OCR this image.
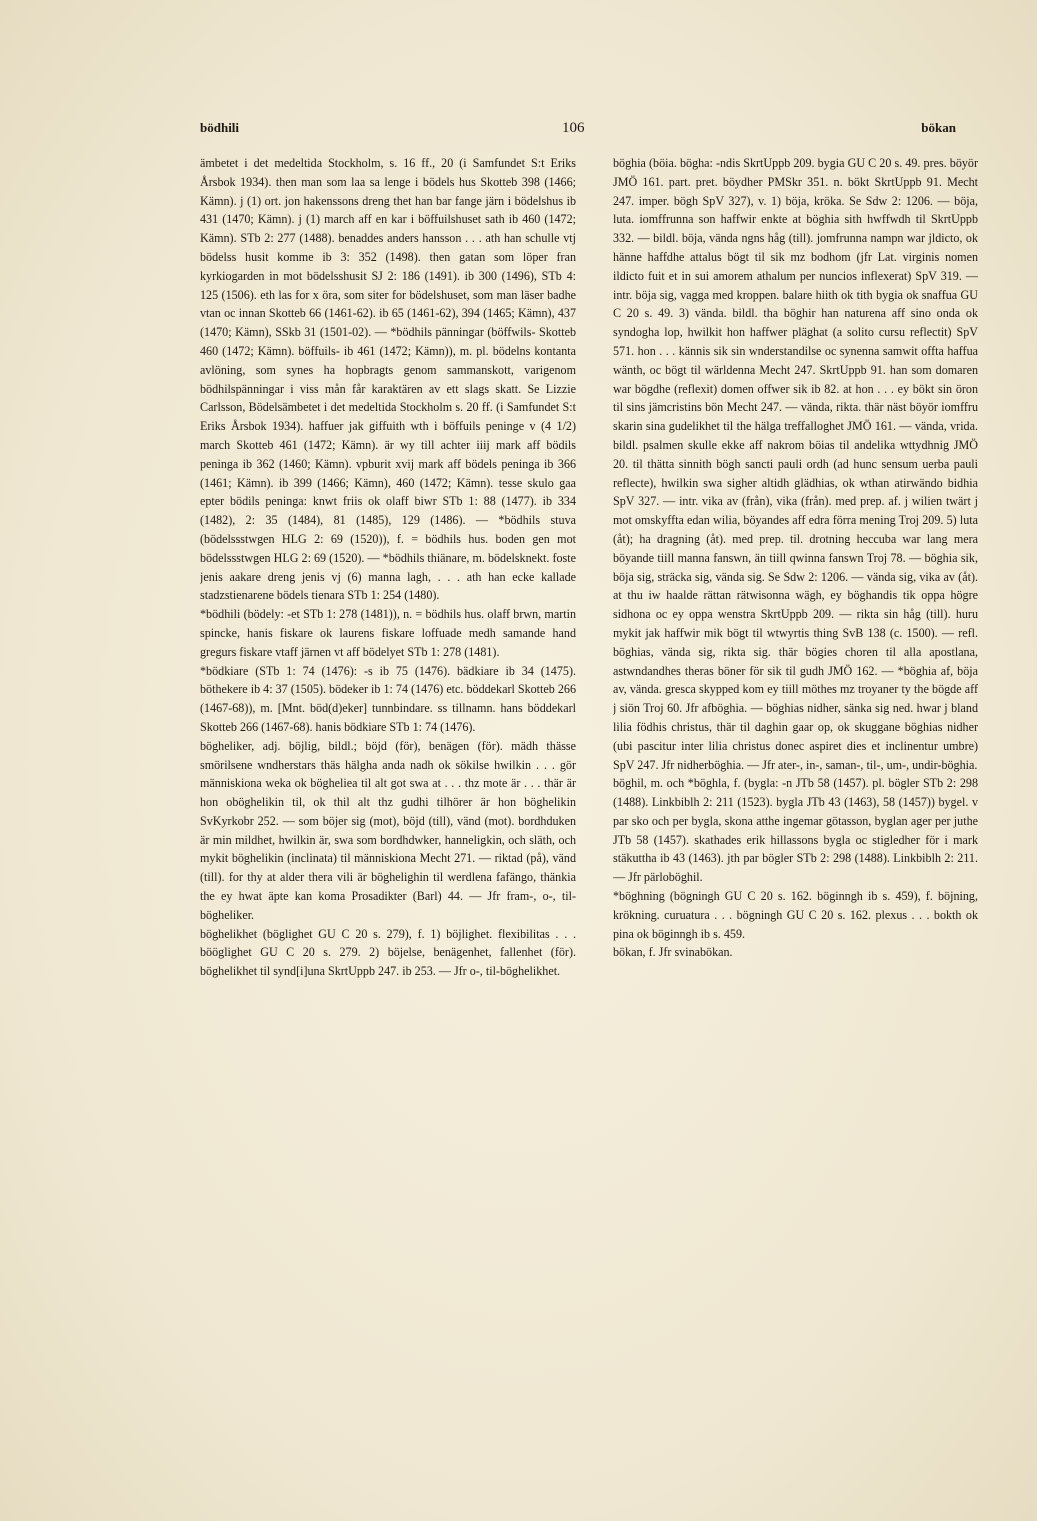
bödhili	106	bökan

ämbetet i det medeltida Stockholm, s. 16 ff., 20 (i Samfundet S:t Eriks Årsbok 1934). then man som laa sa lenge i bödels hus Skotteb 398 (1466; Kämn). j (1) ort. jon hakenssons dreng thet han bar fange järn i bödelshus ib 431 (1470; Kämn). j (1) march aff en kar i böffuilshuset sath ib 460 (1472; Kämn). STb 2: 277 (1488). benaddes anders hansson . . . ath han schulle vtj bödelss husit komme ib 3: 352 (1498). then gatan som löper fran kyrkiogarden in mot bödelsshusit SJ 2: 186 (1491). ib 300 (1496), STb 4: 125 (1506). eth las for x öra, som siter for bödelshuset, som man läser badhe vtan oc innan Skotteb 66 (1461-62). ib 65 (1461-62), 394 (1465; Kämn), 437 (1470; Kämn), SSkb 31 (1501-02). — *bödhils pänningar (böffwils- Skotteb 460 (1472; Kämn). böffuils- ib 461 (1472; Kämn)), m. pl. bödelns kontanta avlöning, som synes ha hopbragts genom sammanskott, varigenom bödhilspänningar i viss mån får karaktären av ett slags skatt. Se Lizzie Carlsson, Bödelsämbetet i det medeltida Stockholm s. 20 ff. (i Samfundet S:t Eriks Årsbok 1934). haffuer jak giffuith wth i böffuils peninge v (4 1/2) march Skotteb 461 (1472; Kämn). är wy till achter iiij mark aff bödils peninga ib 362 (1460; Kämn). vpburit xvij mark aff bödels peninga ib 366 (1461; Kämn). ib 399 (1466; Kämn), 460 (1472; Kämn). tesse skulo gaa epter bödils peninga: knwt friis ok olaff biwr STb 1: 88 (1477). ib 334 (1482), 2: 35 (1484), 81 (1485), 129 (1486). — *bödhils stuva (bödelssstwgen HLG 2: 69 (1520)), f. = bödhils hus. boden gen mot bödelssstwgen HLG 2: 69 (1520). — *bödhils thiänare, m. bödelsknekt. foste jenis aakare dreng jenis vj (6) manna lagh, . . . ath han ecke kallade stadzstienarene bödels tienara STb 1: 254 (1480).

*bödhili (bödely: -et STb 1: 278 (1481)), n. = bödhils hus. olaff brwn, martin spincke, hanis fiskare ok laurens fiskare loffuade medh samande hand gregurs fiskare vtaff järnen vt aff bödelyet STb 1: 278 (1481).

*bödkiare (STb 1: 74 (1476): -s ib 75 (1476). bädkiare ib 34 (1475). böthekere ib 4: 37 (1505). bödeker ib 1: 74 (1476) etc. böddekarl Skotteb 266 (1467-68)), m. [Mnt. böd(d)eker] tunnbindare. ss tillnamn. hans böddekarl Skotteb 266 (1467-68). hanis bödkiare STb 1: 74 (1476).

bögheliker, adj. böjlig, bildl.; böjd (för), benägen (för). mädh thässe smörilsene wndherstars thäs hälgha anda nadh ok sökilse hwilkin . . . gör människiona weka ok bögheliea til alt got swa at . . . thz mote är . . . thär är hon oböghelikin til, ok thil alt thz gudhi tilhörer är hon böghelikin SvKyrkobr 252. — som böjer sig (mot), böjd (till), vänd (mot). bordhduken är min mildhet, hwilkin är, swa som bordhdwker, hanneligkin, och släth, och mykit böghelikin (inclinata) til människiona Mecht 271. — riktad (på), vänd (till). for thy at alder thera vili är böghelighin til werdlena fafängo, thänkia the ey hwat äpte kan koma Prosadikter (Barl) 44. — Jfr fram-, o-, til-bögheliker.

böghelikhet (böglighet GU C 20 s. 279), f. 1) böjlighet. flexibilitas . . . bööglighet GU C 20 s. 279. 2) böjelse, benägenhet, fallenhet (för). böghelikhet til synd[i]una SkrtUppb 247. ib 253. — Jfr o-, til-böghelikhet.

böghia (böia. bögha: -ndis SkrtUppb 209. bygia GU C 20 s. 49. pres. böyör JMÖ 161. part. pret. böydher PMSkr 351. n. bökt SkrtUppb 91. Mecht 247. imper. bögh SpV 327), v. 1) böja, kröka. Se Sdw 2: 1206. — böja, luta. iomffrunna son haffwir enkte at böghia sith hwffwdh til SkrtUppb 332. — bildl. böja, vända ngns håg (till). jomfrunna nampn war jldicto, ok hänne haffdhe attalus bögt til sik mz bodhom (jfr Lat. virginis nomen ildicto fuit et in sui amorem athalum per nuncios inflexerat) SpV 319. — intr. böja sig, vagga med kroppen. balare hiith ok tith bygia ok snaffua GU C 20 s. 49. 3) vända. bildl. tha böghir han naturena aff sino onda ok syndogha lop, hwilkit hon haffwer pläghat (a solito cursu reflectit) SpV 571. hon . . . kännis sik sin wnderstandilse oc synenna samwit offta haffua wänth, oc bögt til wärldenna Mecht 247. SkrtUppb 91. han som domaren war bögdhe (reflexit) domen offwer sik ib 82. at hon . . . ey bökt sin öron til sins jämcristins bön Mecht 247. — vända, rikta. thär näst böyör iomffru skarin sina gudelikhet til the hälga treffalloghet JMÖ 161. — vända, vrida. bildl. psalmen skulle ekke aff nakrom böias til andelika wttydhnig JMÖ 20. til thätta sinnith bögh sancti pauli ordh (ad hunc sensum uerba pauli reflecte), hwilkin swa sigher altidh glädhias, ok wthan atirwändo bidhia SpV 327. — intr. vika av (från), vika (från). med prep. af. j wilien twärt j mot omskyffta edan wilia, böyandes aff edra förra mening Troj 209. 5) luta (åt); ha dragning (åt). med prep. til. drotning heccuba war lang mera böyande tiill manna fanswn, än tiill qwinna fanswn Troj 78. — böghia sik, böja sig, sträcka sig, vända sig. Se Sdw 2: 1206. — vända sig, vika av (åt). at thu iw haalde rättan rätwisonna wägh, ey böghandis tik oppa högre sidhona oc ey oppa wenstra SkrtUppb 209. — rikta sin håg (till). huru mykit jak haffwir mik bögt til wtwyrtis thing SvB 138 (c. 1500). — refl. böghias, vända sig, rikta sig. thär bögies choren til alla apostlana, astwndandhes theras böner för sik til gudh JMÖ 162. — *böghia af, böja av, vända. gresca skypped kom ey tiill möthes mz troyaner ty the bögde aff j siön Troj 60. Jfr afböghia. — böghias nidher, sänka sig ned. hwar j bland lilia födhis christus, thär til daghin gaar op, ok skuggane böghias nidher (ubi pascitur inter lilia christus donec aspiret dies et inclinentur umbre) SpV 247. Jfr nidherböghia. — Jfr ater-, in-, saman-, til-, um-, undir-böghia.

böghil, m. och *böghla, f. (bygla: -n JTb 58 (1457). pl. bögler STb 2: 298 (1488). Linkbiblh 2: 211 (1523). bygla JTb 43 (1463), 58 (1457)) bygel. v par sko och per bygla, skona atthe ingemar götasson, byglan ager per juthe JTb 58 (1457). skathades erik hillassons bygla oc stigledher för i mark stäkuttha ib 43 (1463). jth par bögler STb 2: 298 (1488). Linkbiblh 2: 211. — Jfr pärloböghil.

*böghning (bögningh GU C 20 s. 162. böginngh ib s. 459), f. böjning, krökning. curuatura . . . bögningh GU C 20 s. 162. plexus . . . bokth ok pina ok böginngh ib s. 459.

bökan, f. Jfr svinabökan.
